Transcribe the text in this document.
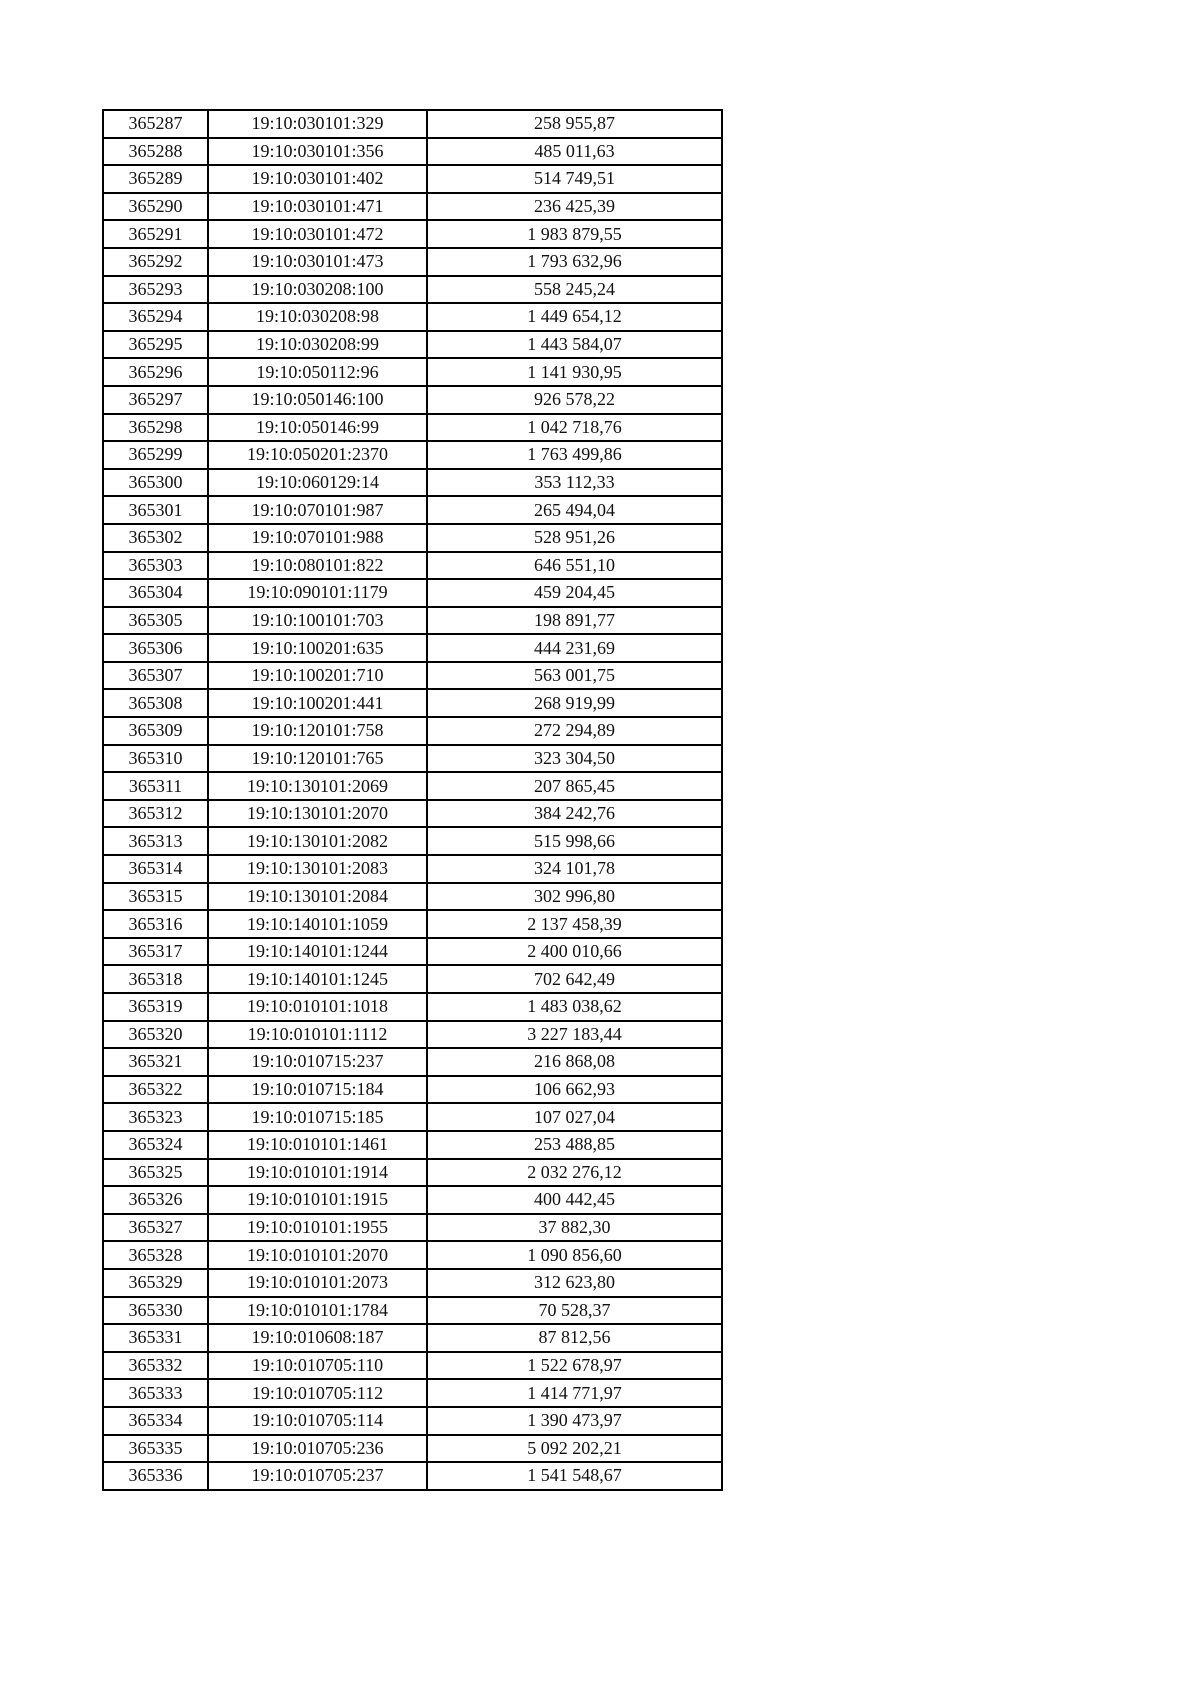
365287	19:10:030101:329	258 955,87
365288	19:10:030101:356	485 011,63
365289	19:10:030101:402	514 749,51
365290	19:10:030101:471	236 425,39
365291	19:10:030101:472	1 983 879,55
365292	19:10:030101:473	1 793 632,96
365293	19:10:030208:100	558 245,24
365294	19:10:030208:98	1 449 654,12
365295	19:10:030208:99	1 443 584,07
365296	19:10:050112:96	1 141 930,95
365297	19:10:050146:100	926 578,22
365298	19:10:050146:99	1 042 718,76
365299	19:10:050201:2370	1 763 499,86
365300	19:10:060129:14	353 112,33
365301	19:10:070101:987	265 494,04
365302	19:10:070101:988	528 951,26
365303	19:10:080101:822	646 551,10
365304	19:10:090101:1179	459 204,45
365305	19:10:100101:703	198 891,77
365306	19:10:100201:635	444 231,69
365307	19:10:100201:710	563 001,75
365308	19:10:100201:441	268 919,99
365309	19:10:120101:758	272 294,89
365310	19:10:120101:765	323 304,50
365311	19:10:130101:2069	207 865,45
365312	19:10:130101:2070	384 242,76
365313	19:10:130101:2082	515 998,66
365314	19:10:130101:2083	324 101,78
365315	19:10:130101:2084	302 996,80
365316	19:10:140101:1059	2 137 458,39
365317	19:10:140101:1244	2 400 010,66
365318	19:10:140101:1245	702 642,49
365319	19:10:010101:1018	1 483 038,62
365320	19:10:010101:1112	3 227 183,44
365321	19:10:010715:237	216 868,08
365322	19:10:010715:184	106 662,93
365323	19:10:010715:185	107 027,04
365324	19:10:010101:1461	253 488,85
365325	19:10:010101:1914	2 032 276,12
365326	19:10:010101:1915	400 442,45
365327	19:10:010101:1955	37 882,30
365328	19:10:010101:2070	1 090 856,60
365329	19:10:010101:2073	312 623,80
365330	19:10:010101:1784	70 528,37
365331	19:10:010608:187	87 812,56
365332	19:10:010705:110	1 522 678,97
365333	19:10:010705:112	1 414 771,97
365334	19:10:010705:114	1 390 473,97
365335	19:10:010705:236	5 092 202,21
365336	19:10:010705:237	1 541 548,67
